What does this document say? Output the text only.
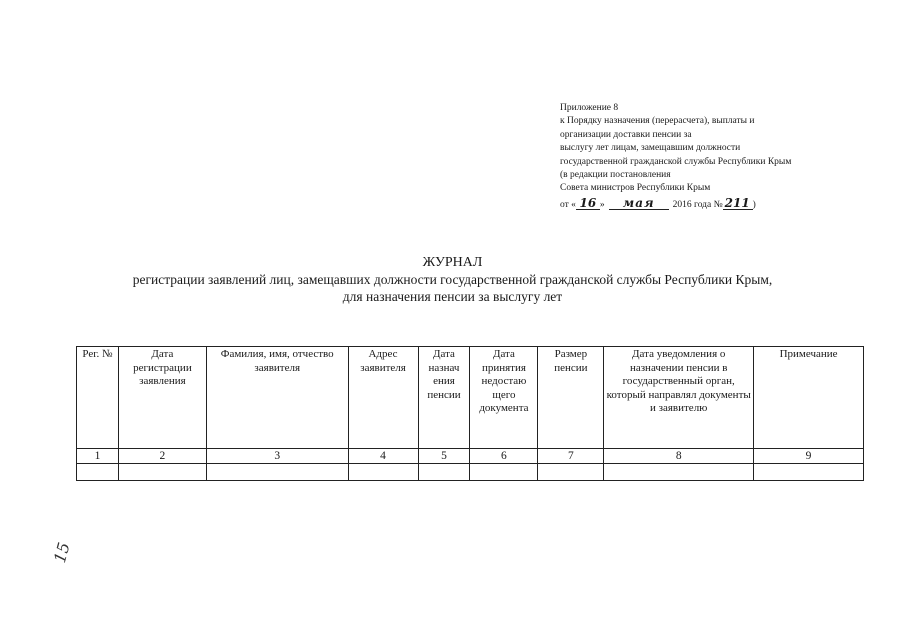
Приложение 8
к Порядку назначения (перерасчета), выплаты и
организации доставки пенсии за
выслугу лет лицам, замещавшим должности
государственной гражданской службы Республики Крым
(в редакции постановления
Совета министров Республики Крым
от « 16 » мая 2016 года № 211 )
ЖУРНАЛ
регистрации заявлений лиц, замещавших должности государственной гражданской службы Республики Крым,
для назначения пенсии за выслугу лет
Рег. №	Дата регистрации заявления	Фамилия, имя, отчество заявителя	Адрес заявителя	Дата назнач ения пенсии	Дата принятия недостаю щего документа	Размер пенсии	Дата уведомления о назначении пенсии в государственный орган, который направлял документы и заявителю	Примечание
1	2	3	4	5	6	7	8	9

15
